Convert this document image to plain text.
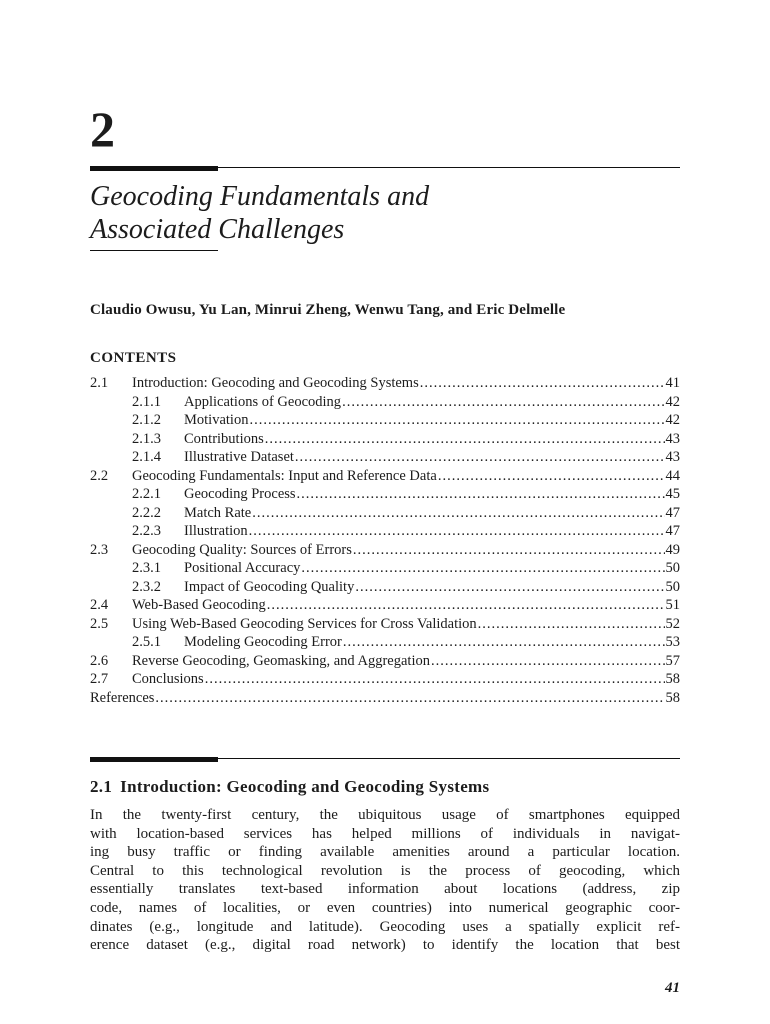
2
Geocoding Fundamentals and
Associated Challenges
Claudio Owusu, Yu Lan, Minrui Zheng, Wenwu Tang, and Eric Delmelle
CONTENTS
2.1	Introduction: Geocoding and Geocoding Systems .....	41
2.1.1	Applications of Geocoding .....	42
2.1.2	Motivation .....	42
2.1.3	Contributions .....	43
2.1.4	Illustrative Dataset .....	43
2.2	Geocoding Fundamentals: Input and Reference Data .....	44
2.2.1	Geocoding Process .....	45
2.2.2	Match Rate .....	47
2.2.3	Illustration .....	47
2.3	Geocoding Quality: Sources of Errors .....	49
2.3.1	Positional Accuracy .....	50
2.3.2	Impact of Geocoding Quality .....	50
2.4	Web-Based Geocoding .....	51
2.5	Using Web-Based Geocoding Services for Cross Validation .....	52
2.5.1	Modeling Geocoding Error .....	53
2.6	Reverse Geocoding, Geomasking, and Aggregation .....	57
2.7	Conclusions .....	58
References .....	58
2.1 Introduction: Geocoding and Geocoding Systems
In the twenty-first century, the ubiquitous usage of smartphones equipped
with location-based services has helped millions of individuals in navigat-
ing busy traffic or finding available amenities around a particular location.
Central to this technological revolution is the process of geocoding, which
essentially translates text-based information about locations (address, zip
code, names of localities, or even countries) into numerical geographic coor-
dinates (e.g., longitude and latitude). Geocoding uses a spatially explicit ref-
erence dataset (e.g., digital road network) to identify the location that best
41
